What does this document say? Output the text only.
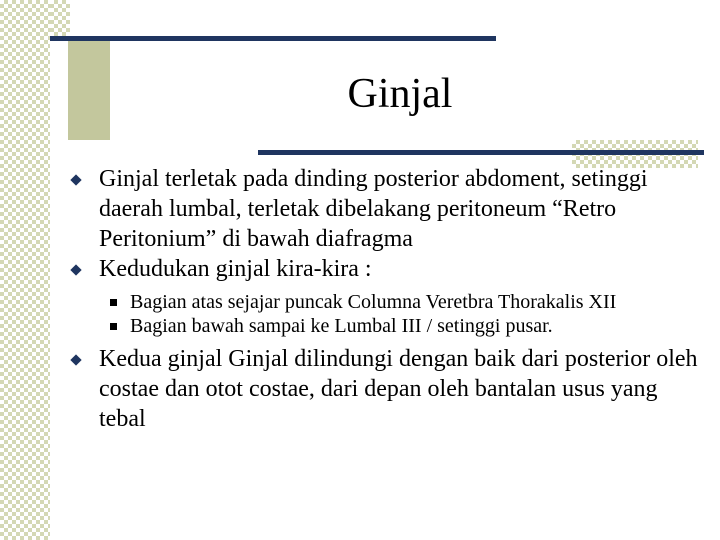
Ginjal
Ginjal terletak pada dinding posterior abdoment, setinggi daerah lumbal, terletak dibelakang peritoneum “Retro Peritonium” di bawah diafragma
Kedudukan ginjal kira-kira :
Bagian atas sejajar puncak Columna Veretbra Thorakalis XII
Bagian bawah sampai ke Lumbal III / setinggi pusar.
Kedua ginjal Ginjal dilindungi dengan baik dari posterior oleh costae dan otot costae, dari depan oleh bantalan usus yang tebal
